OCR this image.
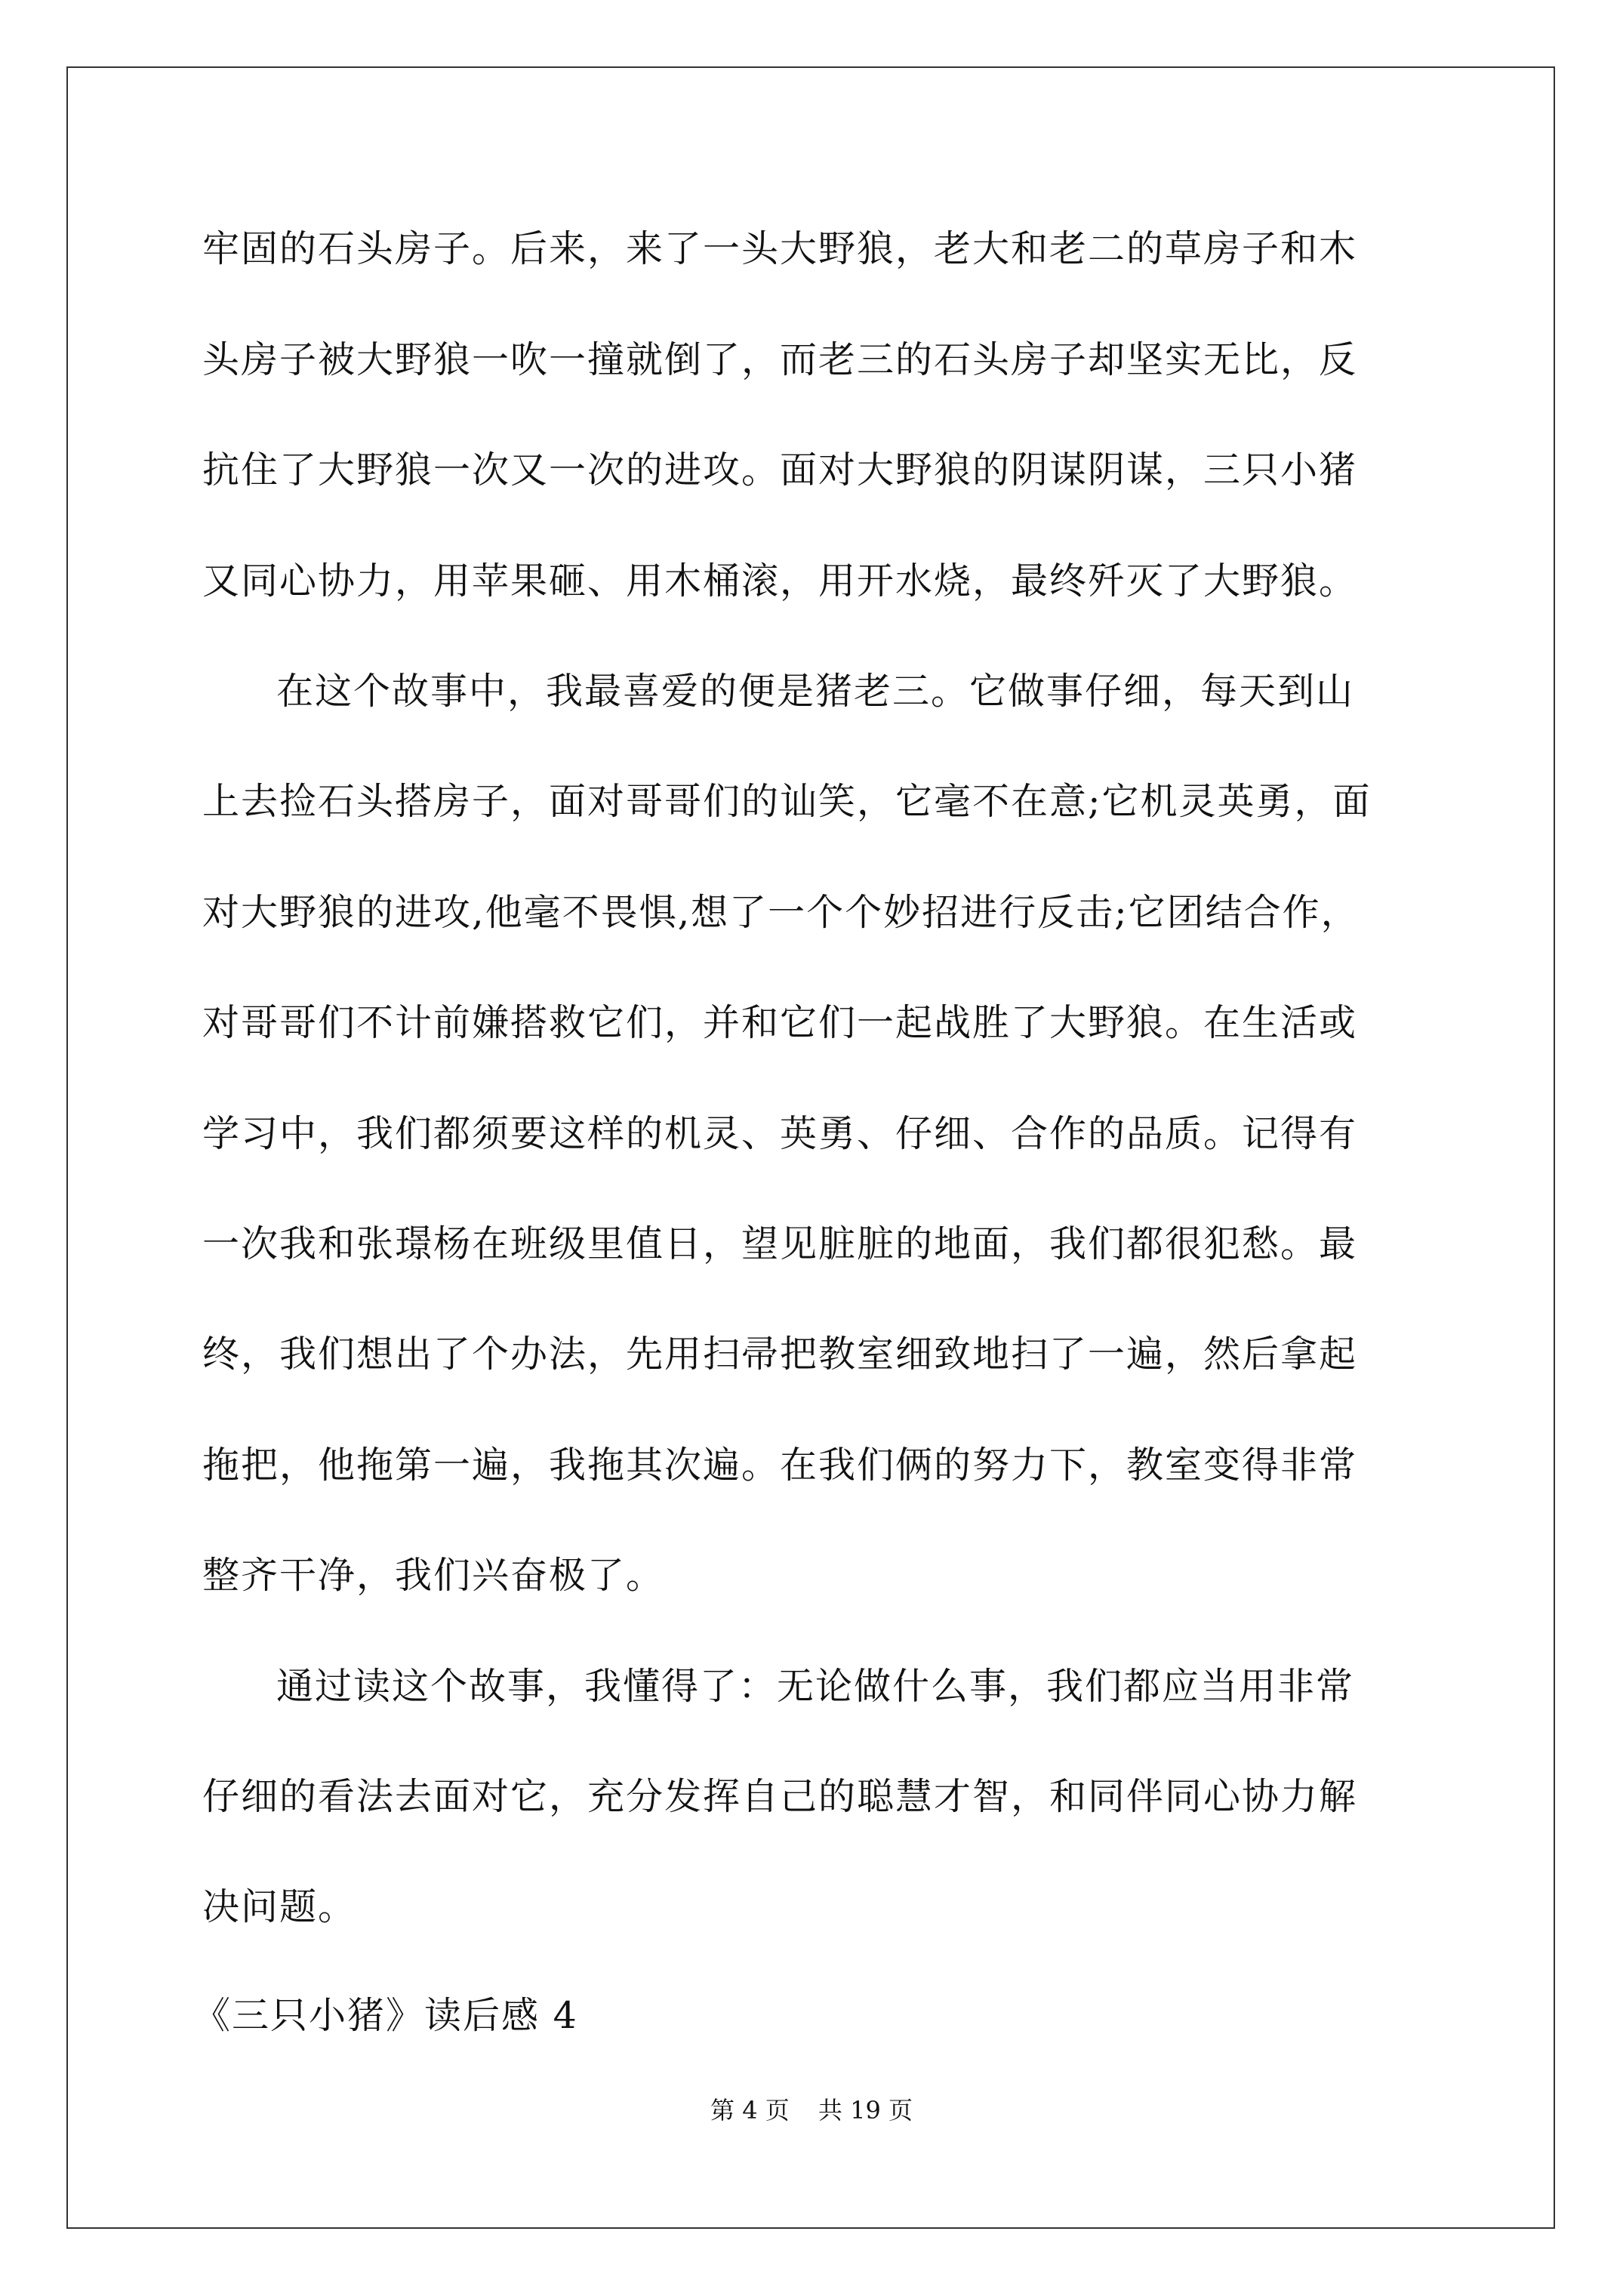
牢固的石头房子。后来，来了一头大野狼，老大和老二的草房子和木
头房子被大野狼一吹一撞就倒了，而老三的石头房子却坚实无比，反
抗住了大野狼一次又一次的进攻。面对大野狼的阴谋阴谋，三只小猪
又同心协力，用苹果砸、用木桶滚，用开水烧，最终歼灭了大野狼。
在这个故事中，我最喜爱的便是猪老三。它做事仔细，每天到山
上去捡石头搭房子，面对哥哥们的讪笑，它毫不在意;它机灵英勇，面
对大野狼的进攻,他毫不畏惧,想了一个个妙招进行反击;它团结合作，
对哥哥们不计前嫌搭救它们，并和它们一起战胜了大野狼。在生活或
学习中，我们都须要这样的机灵、英勇、仔细、合作的品质。记得有
一次我和张璟杨在班级里值日，望见脏脏的地面，我们都很犯愁。最
终，我们想出了个办法，先用扫帚把教室细致地扫了一遍，然后拿起
拖把，他拖第一遍，我拖其次遍。在我们俩的努力下，教室变得非常
整齐干净，我们兴奋极了。
通过读这个故事，我懂得了：无论做什么事，我们都应当用非常
仔细的看法去面对它，充分发挥自己的聪慧才智，和同伴同心协力解
决问题。
《三只小猪》读后感 4
第 4 页 共 19 页
